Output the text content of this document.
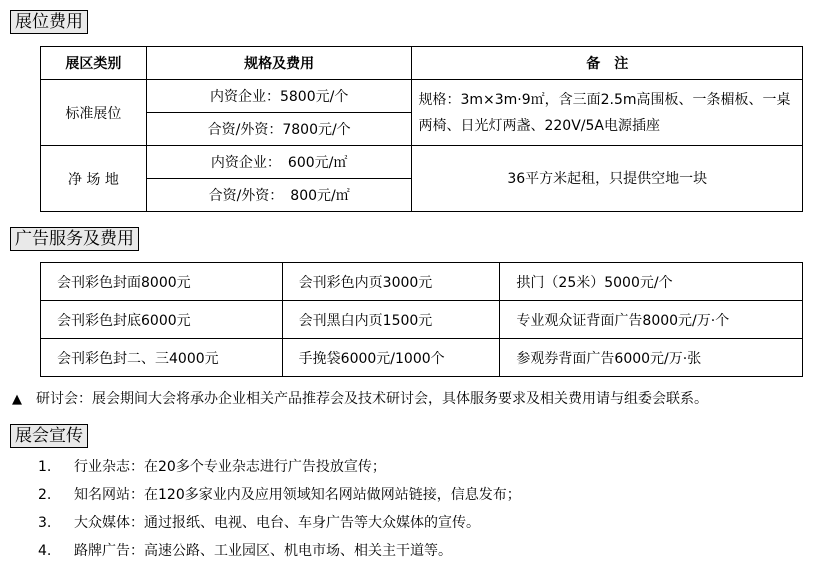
展位费用
展区类别	规格及费用	备　注
标准展位	内资企业：5800元/个	规格：3m×3m·9㎡，含三面2.5m高围板、一条楣板、一桌两椅、日光灯两盏、220V/5A电源插座
	合资/外资：7800元/个	
净 场 地	内资企业：　600元/㎡	36平方米起租，只提供空地一块
	合资/外资：　800元/㎡	
广告服务及费用
会刊彩色封面8000元	会刊彩色内页3000元	拱门（25米）5000元/个
会刊彩色封底6000元	会刊黑白内页1500元	专业观众证背面广告8000元/万·个
会刊彩色封二、三4000元	手挽袋6000元/1000个	参观券背面广告6000元/万·张
▲ 研讨会：展会期间大会将承办企业相关产品推荐会及技术研讨会，具体服务要求及相关费用请与组委会联系。
展会宣传
1. 行业杂志：在20多个专业杂志进行广告投放宣传；
2. 知名网站：在120多家业内及应用领域知名网站做网站链接，信息发布；
3. 大众媒体：通过报纸、电视、电台、车身广告等大众媒体的宣传。
4. 路牌广告：高速公路、工业园区、机电市场、相关主干道等。
